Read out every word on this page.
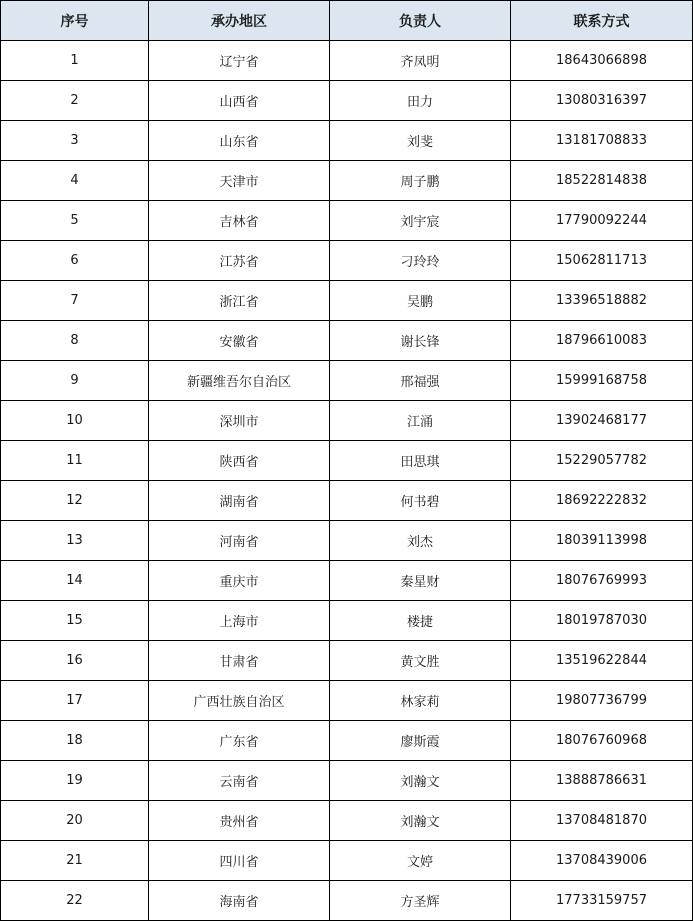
序号	承办地区	负责人	联系方式
1	辽宁省	齐凤明	18643066898
2	山西省	田力	13080316397
3	山东省	刘斐	13181708833
4	天津市	周子鹏	18522814838
5	吉林省	刘宇宸	17790092244
6	江苏省	刁玲玲	15062811713
7	浙江省	吴鹏	13396518882
8	安徽省	谢长锋	18796610083
9	新疆维吾尔自治区	邢福强	15999168758
10	深圳市	江涌	13902468177
11	陕西省	田思琪	15229057782
12	湖南省	何书碧	18692222832
13	河南省	刘杰	18039113998
14	重庆市	秦星财	18076769993
15	上海市	楼捷	18019787030
16	甘肃省	黄文胜	13519622844
17	广西壮族自治区	林家莉	19807736799
18	广东省	廖斯霞	18076760968
19	云南省	刘瀚文	13888786631
20	贵州省	刘瀚文	13708481870
21	四川省	文婷	13708439006
22	海南省	方圣辉	17733159757
